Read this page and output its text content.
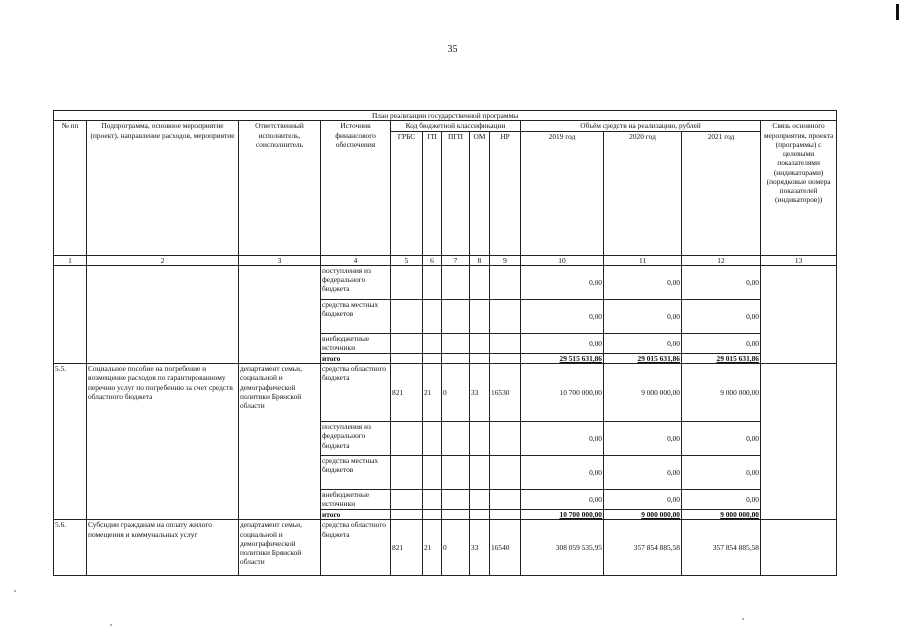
35
План реализации государственной программы												
№ пп	Подпрограмма, основное мероприятие (проект), направление расходов, мероприятие	Ответственный исполнитель, соисполнитель	Источник финансового обеспечения	Код бюджетной классификации					Объём средств на реализацию, рублей			Связь основного мероприятия, проекта (программы) с целевыми показателями (индикаторами) (порядковые номера показателей (индикаторов))
				ГРБС	ГП	ПГП	ОМ	НР	2019 год	2020 год	2021 год	
1	2	3	4	5	6	7	8	9	10	11	12	13
			поступления из федерального бюджета						0,00	0,00	0,00	
			средства местных бюджетов						0,00	0,00	0,00	
			внебюджетные источники						0,00	0,00	0,00	
			итого						29 515 631,86	29 015 631,86	29 015 631,86	
5.5.	Социальное пособие на погребение и возмещение расходов по гарантированному перечню услуг по погребению за счет средств областного бюджета	департамент семьи, социальной и демографической политики Брянской области	средства областного бюджета	821	21	0	33	16530	10 700 000,00	9 000 000,00	9 000 000,00	
			поступления из федерального бюджета						0,00	0,00	0,00	
			средства местных бюджетов						0,00	0,00	0,00	
			внебюджетные источники						0,00	0,00	0,00	
			итого						10 700 000,00	9 000 000,00	9 000 000,00	
5.6.	Субсидии гражданам на оплату жилого помещения и коммунальных услуг	департамент семьи, социальной и демографической политики Брянской области	средства областного бюджета	821	21	0	33	16540	308 059 535,95	357 854 885,58	357 854 885,58	
